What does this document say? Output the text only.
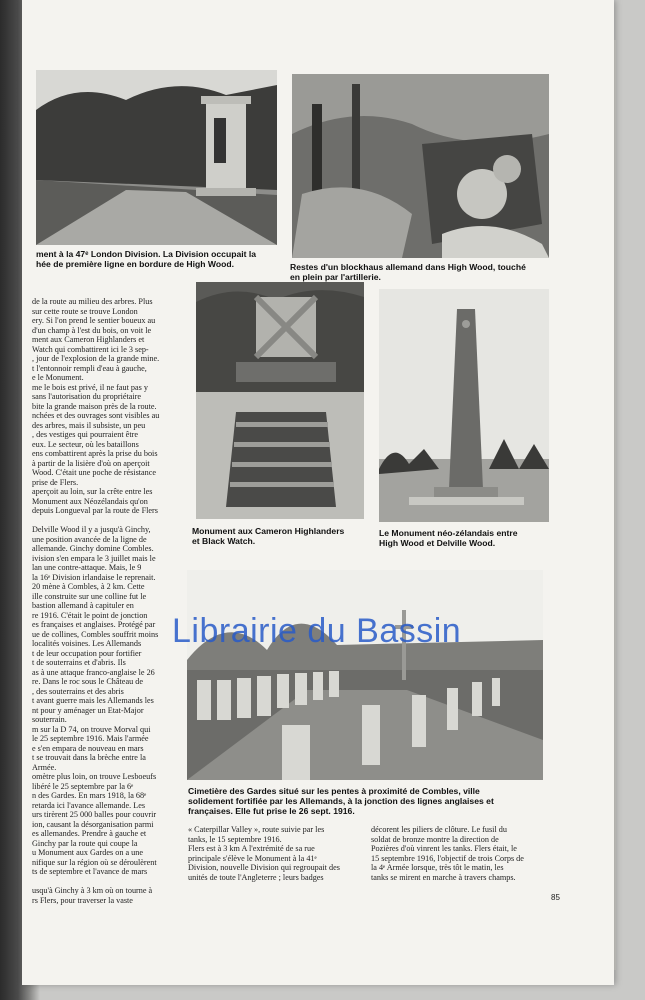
ment à la 47ᵉ London Division. La Division occupait la
hée de première ligne en bordure de High Wood.	Restes d'un blockhaus allemand dans High Wood, touché
en plein par l'artillerie.
Monument aux Cameron Highlanders
et Black Watch.
Le Monument néo-zélandais entre
High Wood et Delville Wood.
Librairie du Bassin
Cimetière des Gardes situé sur les pentes à proximité de Combles, ville
solidement fortifiée par les Allemands, à la jonction des lignes anglaises et
françaises. Elle fut prise le 26 sept. 1916.
de la route au milieu des arbres. Plus
sur cette route se trouve London
ery. Si l'on prend le sentier boueux au
d'un champ à l'est du bois, on voit le
ment aux Cameron Highlanders et
Watch qui combattirent ici le 3 sep-
, jour de l'explosion de la grande mine.
t l'entonnoir rempli d'eau à gauche,
e le Monument.
me le bois est privé, il ne faut pas y
sans l'autorisation du propriétaire
bite la grande maison près de la route.
nchées et des ouvrages sont visibles au
des arbres, mais il subsiste, un peu
, des vestiges qui pourraient être
eux. Le secteur, où les bataillons
ens combattirent après la prise du bois
à partir de la lisière d'où on aperçoit
Wood. C'était une poche de résistance
prise de Flers.
aperçoit au loin, sur la crête entre les
Monument aux Néozélandais qu'on
depuis Longueval par la route de Flers

Delville Wood il y a jusqu'à Ginchy,
une position avancée de la ligne de
allemande. Ginchy domine Combles.
ivision s'en empara le 3 juillet mais le
lan une contre-attaque. Mais, le 9
la 16ᵉ Division irlandaise le reprenait.
20 mène à Combles, à 2 km. Cette
ille construite sur une colline fut le
bastion allemand à capituler en
re 1916. C'était le point de jonction
es françaises et anglaises. Protégé par
ue de collines, Combles souffrit moins
localités voisines. Les Allemands
t de leur occupation pour fortifier
t de souterrains et d'abris. Ils
as à une attaque franco-anglaise le 26
re. Dans le roc sous le Château de
, des souterrains et des abris
t avant guerre mais les Allemands les
nt pour y aménager un Etat-Major
souterrain.
m sur la D 74, on trouve Morval qui
le 25 septembre 1916. Mais l'armée
e s'en empara de nouveau en mars
t se trouvait dans la brèche entre la
Armée.
omètre plus loin, on trouve Lesboeufs
libéré le 25 septembre par la 6ᵉ
n des Gardes. En mars 1918, la 68ᵉ
retarda ici l'avance allemande. Les
urs tirèrent 25 000 balles pour couvrir
ion, causant la désorganisation parmi
es allemandes. Prendre à gauche et
Ginchy par la route qui coupe la
u Monument aux Gardes on a une
nifique sur la région où se déroulèrent
ts de septembre et l'avance de mars

usqu'à Ginchy à 3 km où on tourne à
rs Flers, pour traverser la vaste
« Caterpillar Valley », route suivie par les
tanks, le 15 septembre 1916.
Flers est à 3 km A l'extrémité de sa rue
principale s'élève le Monument à la 41ᵉ
Division, nouvelle Division qui regroupait des
unités de toute l'Angleterre ; leurs badges
décorent les piliers de clôture. Le fusil du
soldat de bronze montre la direction de
Pozières d'où vinrent les tanks. Flers était, le
15 septembre 1916, l'objectif de trois Corps de
la 4ᵉ Armée lorsque, très tôt le matin, les
tanks se mirent en marche à travers champs.
85
